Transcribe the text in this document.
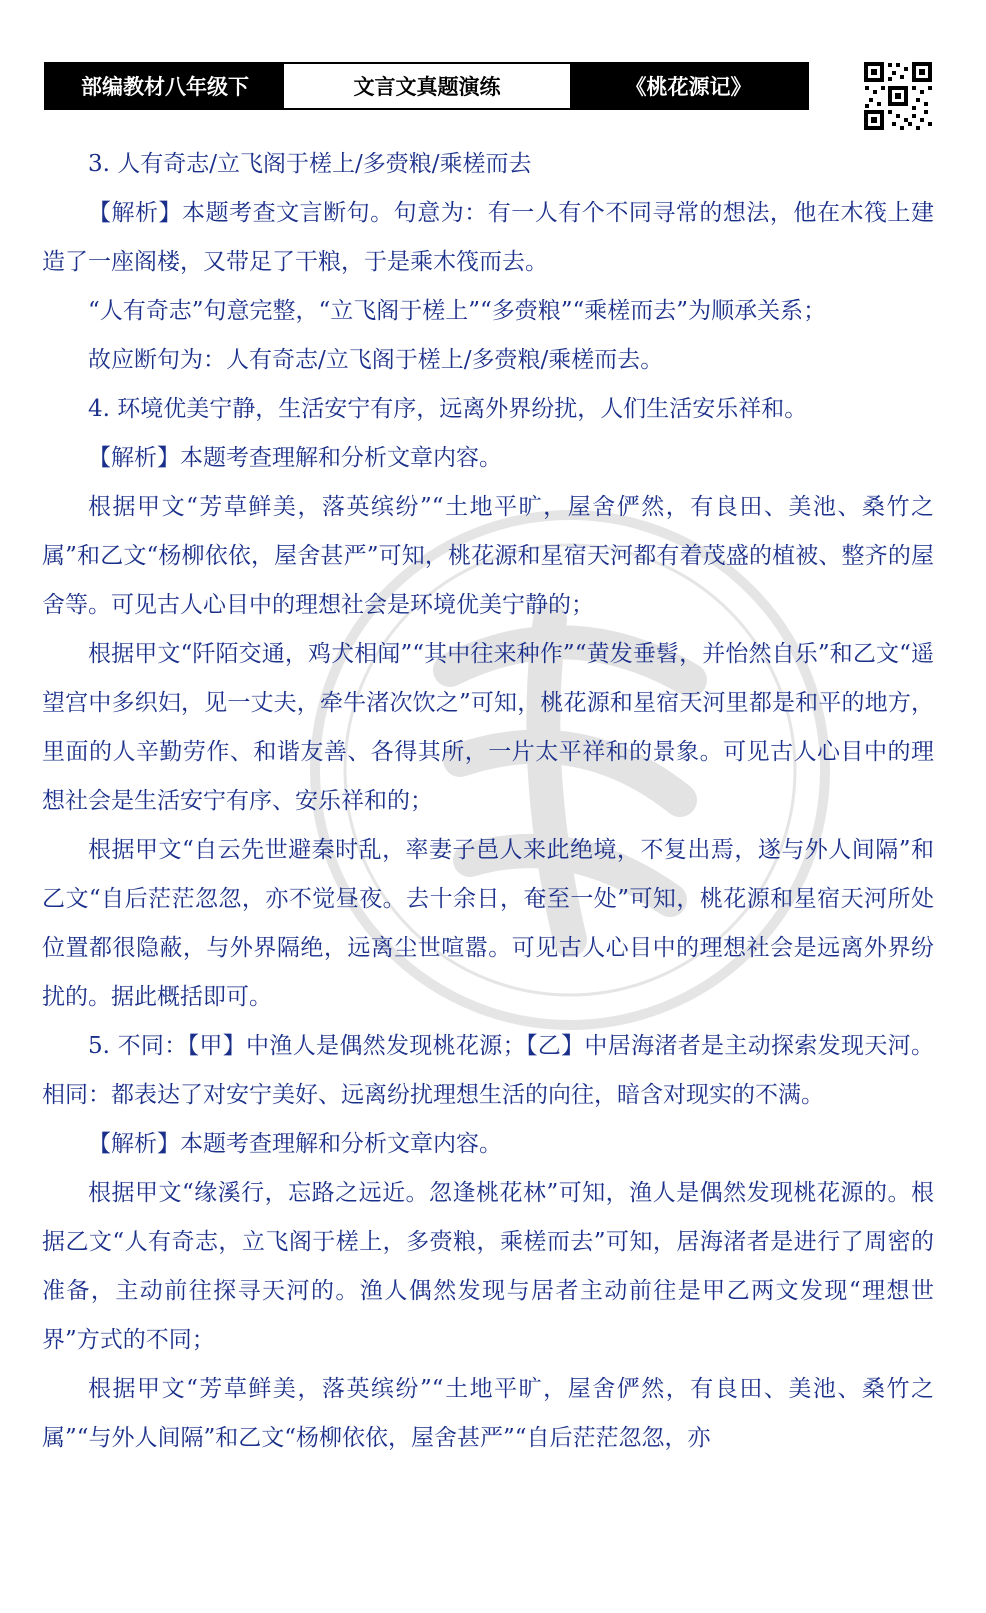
部编教材八年级下	文言文真题演练	《桃花源记》

3. 人有奇志/立飞阁于槎上/多赍粮/乘槎而去

【解析】本题考查文言断句。句意为：有一人有个不同寻常的想法，他在木筏上建造了一座阁楼，又带足了干粮，于是乘木筏而去。

“人有奇志”句意完整，“立飞阁于槎上”“多赍粮”“乘槎而去”为顺承关系；

故应断句为：人有奇志/立飞阁于槎上/多赍粮/乘槎而去。

4. 环境优美宁静，生活安宁有序，远离外界纷扰，人们生活安乐祥和。

【解析】本题考查理解和分析文章内容。

根据甲文“芳草鲜美，落英缤纷”“土地平旷，屋舍俨然，有良田、美池、桑竹之属”和乙文“杨柳依依，屋舍甚严”可知，桃花源和星宿天河都有着茂盛的植被、整齐的屋舍等。可见古人心目中的理想社会是环境优美宁静的；

根据甲文“阡陌交通，鸡犬相闻”“其中往来种作”“黄发垂髫，并怡然自乐”和乙文“遥望宫中多织妇，见一丈夫，牵牛渚次饮之”可知，桃花源和星宿天河里都是和平的地方，里面的人辛勤劳作、和谐友善、各得其所，一片太平祥和的景象。可见古人心目中的理想社会是生活安宁有序、安乐祥和的；

根据甲文“自云先世避秦时乱，率妻子邑人来此绝境，不复出焉，遂与外人间隔”和乙文“自后茫茫忽忽，亦不觉昼夜。去十余日，奄至一处”可知，桃花源和星宿天河所处位置都很隐蔽，与外界隔绝，远离尘世喧嚣。可见古人心目中的理想社会是远离外界纷扰的。据此概括即可。

5. 不同：【甲】中渔人是偶然发现桃花源；【乙】中居海渚者是主动探索发现天河。相同：都表达了对安宁美好、远离纷扰理想生活的向往，暗含对现实的不满。

【解析】本题考查理解和分析文章内容。

根据甲文“缘溪行，忘路之远近。忽逢桃花林”可知，渔人是偶然发现桃花源的。根据乙文“人有奇志，立飞阁于槎上，多赍粮，乘槎而去”可知，居海渚者是进行了周密的准备，主动前往探寻天河的。渔人偶然发现与居者主动前往是甲乙两文发现“理想世界”方式的不同；

根据甲文“芳草鲜美，落英缤纷”“土地平旷，屋舍俨然，有良田、美池、桑竹之属”“与外人间隔”和乙文“杨柳依依，屋舍甚严”“自后茫茫忽忽，亦
